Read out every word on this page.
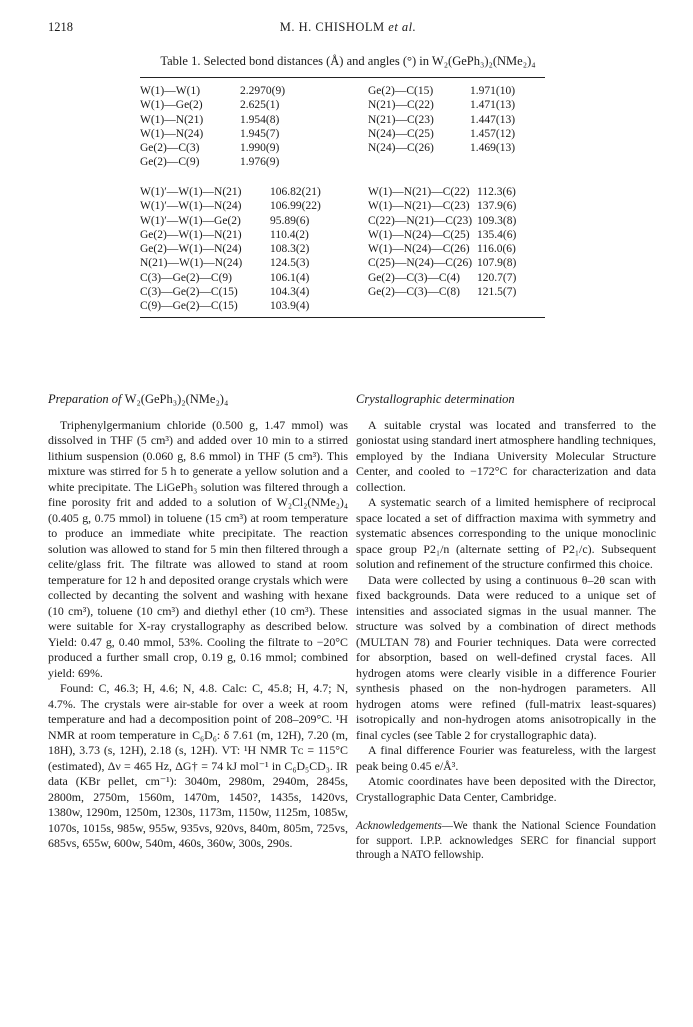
1218	M. H. CHISHOLM et al.
Table 1. Selected bond distances (Å) and angles (°) in W₂(GePh₃)₂(NMe₂)₄
W(1)—W(1)	2.2970(9)	Ge(2)—C(15)	1.971(10)
W(1)—Ge(2)	2.625(1)	N(21)—C(22)	1.471(13)
W(1)—N(21)	1.954(8)	N(21)—C(23)	1.447(13)
W(1)—N(24)	1.945(7)	N(24)—C(25)	1.457(12)
Ge(2)—C(3)	1.990(9)	N(24)—C(26)	1.469(13)
Ge(2)—C(9)	1.976(9)
W(1)′—W(1)—N(21) 106.82(21)	W(1)—N(21)—C(22) 112.3(6)
W(1)′—W(1)—N(24) 106.99(22)	W(1)—N(21)—C(23) 137.9(6)
W(1)′—W(1)—Ge(2)	95.89(6)	C(22)—N(21)—C(23) 109.3(8)
Ge(2)—W(1)—N(21) 110.4(2)	W(1)—N(24)—C(25) 135.4(6)
Ge(2)—W(1)—N(24) 108.3(2)	W(1)—N(24)—C(26) 116.0(6)
N(21)—W(1)—N(24) 124.5(3)	C(25)—N(24)—C(26) 107.9(8)
C(3)—Ge(2)—C(9)	106.1(4)	Ge(2)—C(3)—C(4) 120.7(7)
C(3)—Ge(2)—C(15)	104.3(4)	Ge(2)—C(3)—C(8) 121.5(7)
C(9)—Ge(2)—C(15)	103.9(4)
Preparation of W₂(GePh₃)₂(NMe₂)₄

Triphenylgermanium chloride (0.500 g, 1.47 mmol) was dissolved in THF (5 cm³) and added over 10 min to a stirred lithium suspension (0.060 g, 8.6 mmol) in THF (5 cm³). This mixture was stirred for 5 h to generate a yellow solution and a white precipitate. The LiGePh₃ solution was filtered through a fine porosity frit and added to a solution of W₂Cl₂(NMe₂)₄ (0.405 g, 0.75 mmol) in toluene (15 cm³) at room temperature to produce an immediate white precipitate. The reaction solution was allowed to stand for 5 min then filtered through a celite/glass frit. The filtrate was allowed to stand at room temperature for 12 h and deposited orange crystals which were collected by decanting the solvent and washing with hexane (10 cm³), toluene (10 cm³) and diethyl ether (10 cm³). These were suitable for X-ray crystallography as described below. Yield: 0.47 g, 0.40 mmol, 53%. Cooling the filtrate to −20°C produced a further small crop, 0.19 g, 0.16 mmol; combined yield: 69%.

Found: C, 46.3; H, 4.6; N, 4.8. Calc: C, 45.8; H, 4.7; N, 4.7%. The crystals were air-stable for over a week at room temperature and had a decomposition point of 208–209°C. ¹H NMR at room temperature in C₆D₆: δ 7.61 (m, 12H), 7.20 (m, 18H), 3.73 (s, 12H), 2.18 (s, 12H). VT: ¹H NMR Tᴄ = 115°C (estimated), Δν = 465 Hz, ΔG† = 74 kJ mol⁻¹ in C₆D₅CD₃. IR data (KBr pellet, cm⁻¹): 3040m, 2980m, 2940m, 2845s, 2800m, 2750m, 1560m, 1470m, 1450?, 1435s, 1420vs, 1380w, 1290m, 1250m, 1230s, 1173m, 1150w, 1125m, 1085w, 1070s, 1015s, 985w, 955w, 935vs, 920vs, 840m, 805m, 725vs, 685vs, 655w, 600w, 540m, 460s, 360w, 300s, 290s.

Crystallographic determination

A suitable crystal was located and transferred to the goniostat using standard inert atmosphere handling techniques, employed by the Indiana University Molecular Structure Center, and cooled to −172°C for characterization and data collection.

A systematic search of a limited hemisphere of reciprocal space located a set of diffraction maxima with symmetry and systematic absences corresponding to the unique monoclinic space group P2₁/n (alternate setting of P2₁/c). Subsequent solution and refinement of the structure confirmed this choice.

Data were collected by using a continuous θ–2θ scan with fixed backgrounds. Data were reduced to a unique set of intensities and associated sigmas in the usual manner. The structure was solved by a combination of direct methods (MULTAN 78) and Fourier techniques. Data were corrected for absorption, based on well-defined crystal faces. All hydrogen atoms were clearly visible in a difference Fourier synthesis phased on the non-hydrogen parameters. All hydrogen atoms were refined (full-matrix least-squares) isotropically and non-hydrogen atoms anisotropically in the final cycles (see Table 2 for crystallographic data).

A final difference Fourier was featureless, with the largest peak being 0.45 e/Å³.

Atomic coordinates have been deposited with the Director, Crystallographic Data Center, Cambridge.

Acknowledgements—We thank the National Science Foundation for support. I.P.P. acknowledges SERC for financial support through a NATO fellowship.
